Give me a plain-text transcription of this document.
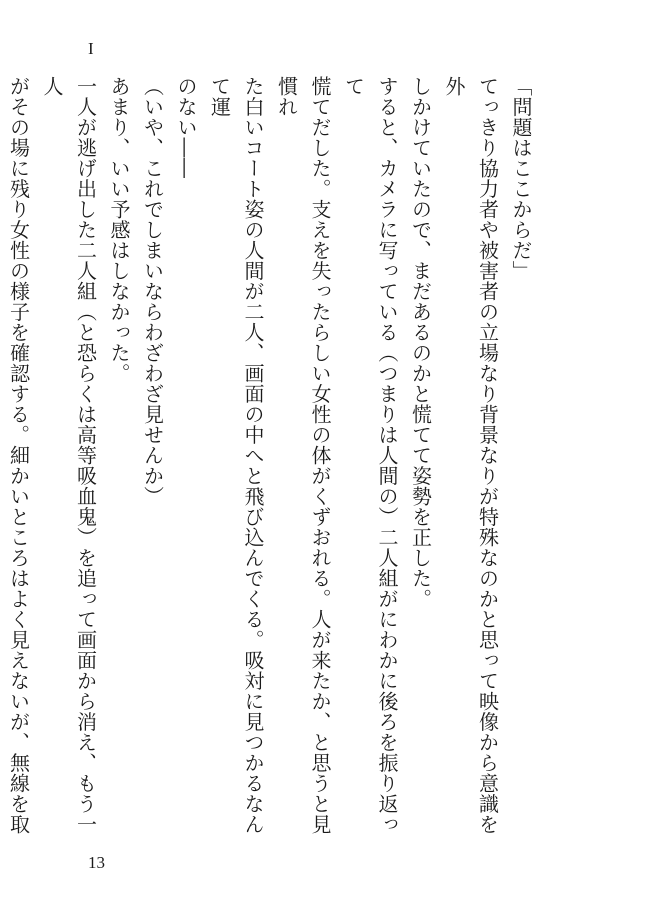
I

「問題はここからだ」

てっきり協力者や被害者の立場なり背景なりが特殊なのかと思って映像から意識を外

しかけていたので、まだあるのかと慌てて姿勢を正した。

すると、カメラに写っている（つまりは人間の）二人組がにわかに後ろを振り返って

慌てだした。支えを失ったらしい女性の体がくずおれる。人が来たか、と思うと見慣れ

た白いコート姿の人間が二人、画面の中へと飛び込んでくる。吸対に見つかるなんて運

のない――

（いや、これでしまいならわざわざ見せんか）

あまり、いい予感はしなかった。

一人が逃げ出した二人組（と恐らくは高等吸血鬼）を追って画面から消え、もう一人

がその場に残り女性の様子を確認する。細かいところはよく見えないが、無線を取

13
